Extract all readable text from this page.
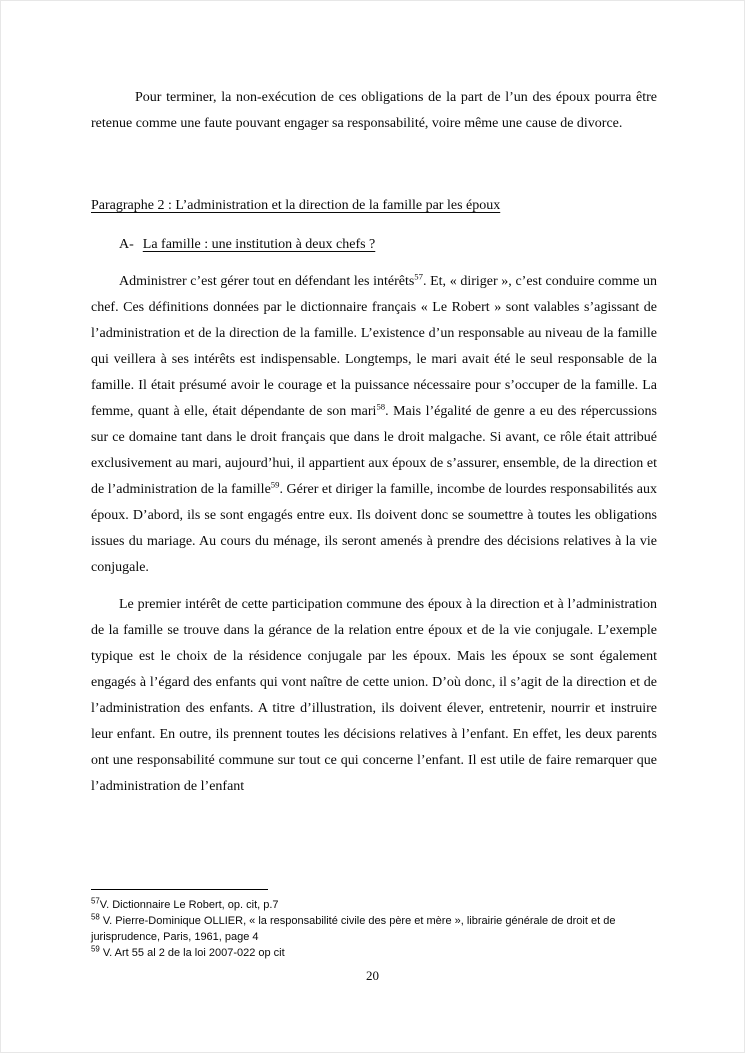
Pour terminer, la non-exécution de ces obligations de la part de l’un des époux pourra être retenue comme une faute pouvant engager sa responsabilité, voire même une cause de divorce.

Paragraphe 2 : L’administration et la direction de la famille par les époux
A- La famille : une institution à deux chefs ?

Administrer c’est gérer tout en défendant les intérêts$^{57}$. Et, « diriger », c’est conduire comme un chef. Ces définitions données par le dictionnaire français « Le Robert » sont valables s’agissant de l’administration et de la direction de la famille. L’existence d’un responsable au niveau de la famille qui veillera à ses intérêts est indispensable. Longtemps, le mari avait été le seul responsable de la famille. Il était présumé avoir le courage et la puissance nécessaire pour s’occuper de la famille. La femme, quant à elle, était dépendante de son mari$^{58}$. Mais l’égalité de genre a eu des répercussions sur ce domaine tant dans le droit français que dans le droit malgache. Si avant, ce rôle était attribué exclusivement au mari, aujourd’hui, il appartient aux époux de s’assurer, ensemble, de la direction et de l’administration de la famille$^{59}$. Gérer et diriger la famille, incombe de lourdes responsabilités aux époux. D’abord, ils se sont engagés entre eux. Ils doivent donc se soumettre à toutes les obligations issues du mariage. Au cours du ménage, ils seront amenés à prendre des décisions relatives à la vie conjugale.

Le premier intérêt de cette participation commune des époux à la direction et à l’administration de la famille se trouve dans la gérance de la relation entre époux et de la vie conjugale. L’exemple typique est le choix de la résidence conjugale par les époux. Mais les époux se sont également engagés à l’égard des enfants qui vont naître de cette union. D’où donc, il s’agit de la direction et de l’administration des enfants. A titre d’illustration, ils doivent élever, entretenir, nourrir et instruire leur enfant. En outre, ils prennent toutes les décisions relatives à l’enfant. En effet, les deux parents ont une responsabilité commune sur tout ce qui concerne l’enfant. Il est utile de faire remarquer que l’administration de l’enfant

$^{57}$V. Dictionnaire Le Robert, op. cit, p.7

$^{58}$ V. Pierre-Dominique OLLIER, « la responsabilité civile des père et mère », librairie générale de droit et de jurisprudence, Paris, 1961, page 4

$^{59}$ V. Art 55 al 2 de la loi 2007-022 op cit

20
